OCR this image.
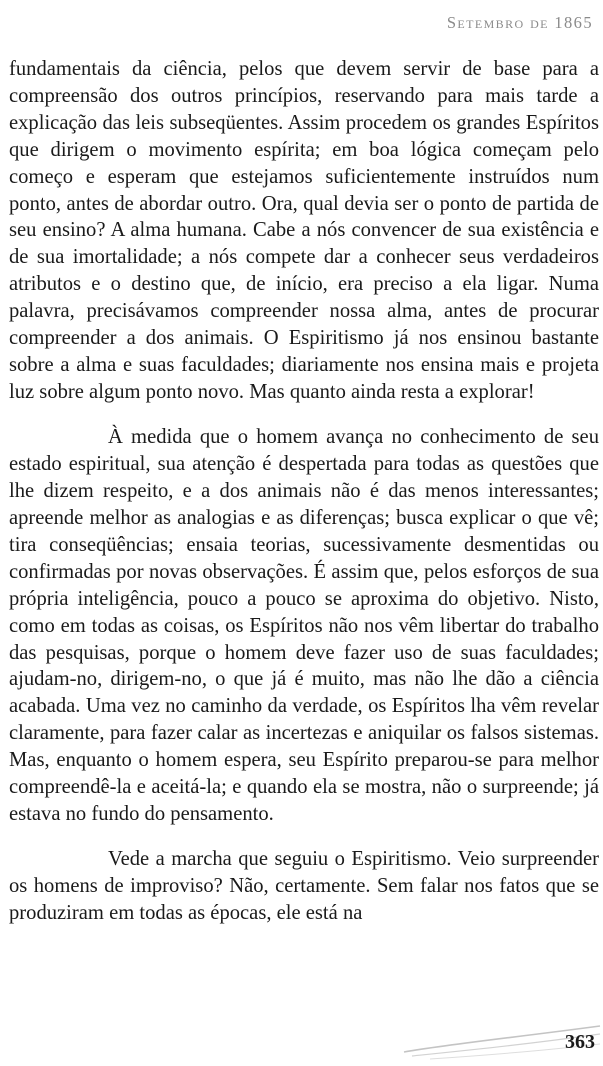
Setembro de 1865

fundamentais da ciência, pelos que devem servir de base para a compreensão dos outros princípios, reservando para mais tarde a explicação das leis subseqüentes. Assim procedem os grandes Espíritos que dirigem o movimento espírita; em boa lógica começam pelo começo e esperam que estejamos suficientemente instruídos num ponto, antes de abordar outro. Ora, qual devia ser o ponto de partida de seu ensino? A alma humana. Cabe a nós convencer de sua existência e de sua imortalidade; a nós compete dar a conhecer seus verdadeiros atributos e o destino que, de início, era preciso a ela ligar. Numa palavra, precisávamos compreender nossa alma, antes de procurar compreender a dos animais. O Espiritismo já nos ensinou bastante sobre a alma e suas faculdades; diariamente nos ensina mais e projeta luz sobre algum ponto novo. Mas quanto ainda resta a explorar!

À medida que o homem avança no conhecimento de seu estado espiritual, sua atenção é despertada para todas as questões que lhe dizem respeito, e a dos animais não é das menos interessantes; apreende melhor as analogias e as diferenças; busca explicar o que vê; tira conseqüências; ensaia teorias, sucessivamente desmentidas ou confirmadas por novas observações. É assim que, pelos esforços de sua própria inteligência, pouco a pouco se aproxima do objetivo. Nisto, como em todas as coisas, os Espíritos não nos vêm libertar do trabalho das pesquisas, porque o homem deve fazer uso de suas faculdades; ajudam-no, dirigem-no, o que já é muito, mas não lhe dão a ciência acabada. Uma vez no caminho da verdade, os Espíritos lha vêm revelar claramente, para fazer calar as incertezas e aniquilar os falsos sistemas. Mas, enquanto o homem espera, seu Espírito preparou-se para melhor compreendê-la e aceitá-la; e quando ela se mostra, não o surpreende; já estava no fundo do pensamento.

Vede a marcha que seguiu o Espiritismo. Veio surpreender os homens de improviso? Não, certamente. Sem falar nos fatos que se produziram em todas as épocas, ele está na

363
